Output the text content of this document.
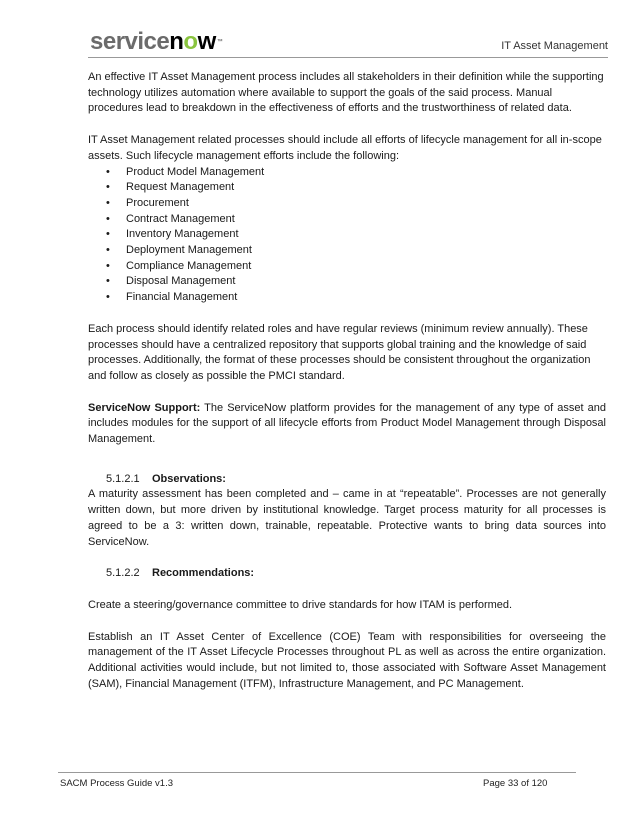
servicenow™	IT Asset Management

An effective IT Asset Management process includes all stakeholders in their definition while the supporting technology utilizes automation where available to support the goals of the said process. Manual procedures lead to breakdown in the effectiveness of efforts and the trustworthiness of related data.

IT Asset Management related processes should include all efforts of lifecycle management for all in-scope assets. Such lifecycle management efforts include the following:

• Product Model Management
• Request Management
• Procurement
• Contract Management
• Inventory Management
• Deployment Management
• Compliance Management
• Disposal Management
• Financial Management

Each process should identify related roles and have regular reviews (minimum review annually). These processes should have a centralized repository that supports global training and the knowledge of said processes. Additionally, the format of these processes should be consistent throughout the organization and follow as closely as possible the PMCI standard.

ServiceNow Support: The ServiceNow platform provides for the management of any type of asset and includes modules for the support of all lifecycle efforts from Product Model Management through Disposal Management.

5.1.2.1 Observations:

A maturity assessment has been completed and – came in at “repeatable”. Processes are not generally written down, but more driven by institutional knowledge. Target process maturity for all processes is agreed to be a 3: written down, trainable, repeatable. Protective wants to bring data sources into ServiceNow.

5.1.2.2 Recommendations:

Create a steering/governance committee to drive standards for how ITAM is performed.

Establish an IT Asset Center of Excellence (COE) Team with responsibilities for overseeing the management of the IT Asset Lifecycle Processes throughout PL as well as across the entire organization. Additional activities would include, but not limited to, those associated with Software Asset Management (SAM), Financial Management (ITFM), Infrastructure Management, and PC Management.

SACM Process Guide v1.3	Page 33 of 120
